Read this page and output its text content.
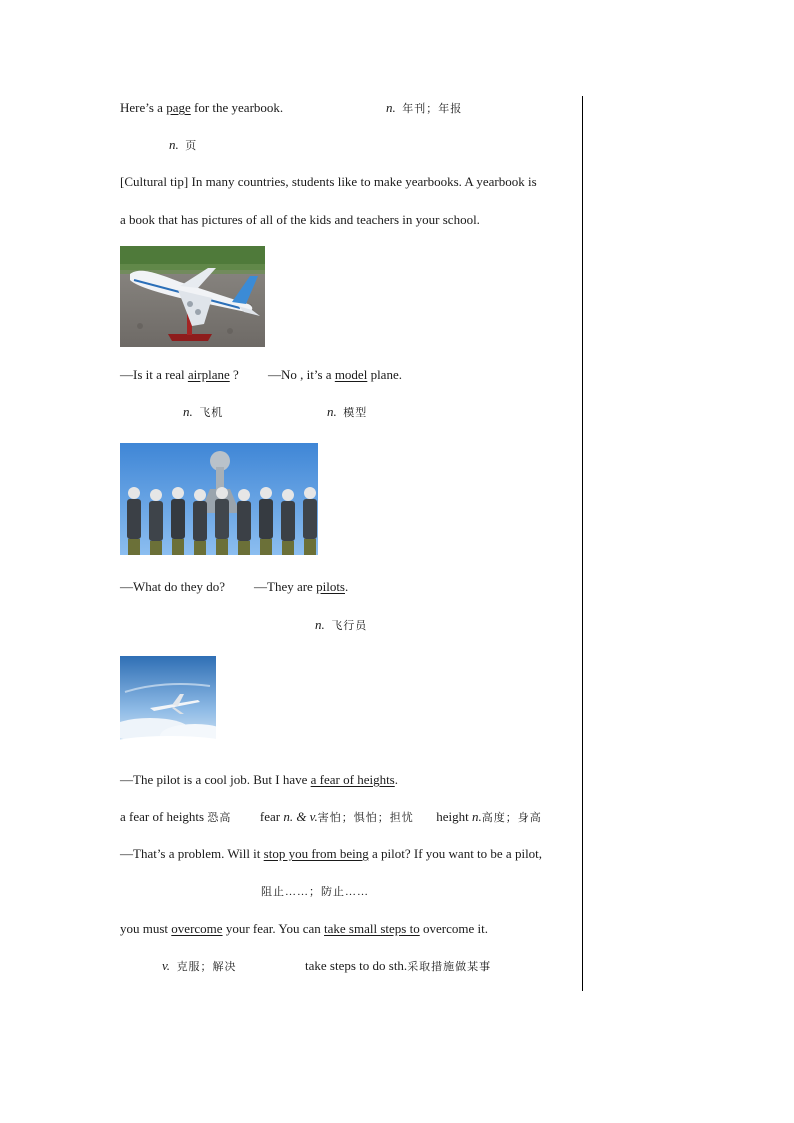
Here’s a page for the yearbook.	n. 年刊；年报
n. 页
[Cultural tip] In many countries, students like to make yearbooks. A yearbook is
a book that has pictures of all of the kids and teachers in your school.
—Is it a real airplane ? —No , it’s a model plane.
n. 飞机	n. 模型
—What do they do? —They are pilots.
n. 飞行员
—The pilot is a cool job. But I have a fear of heights.
a fear of heights 恐高 fear n. & v.害怕；惧怕；担忧 height n.高度；身高
—That’s a problem. Will it stop you from being a pilot? If you want to be a pilot,
阻止……；防止……
you must overcome your fear. You can take small steps to overcome it.
v. 克服；解决	take steps to do sth.采取措施做某事
